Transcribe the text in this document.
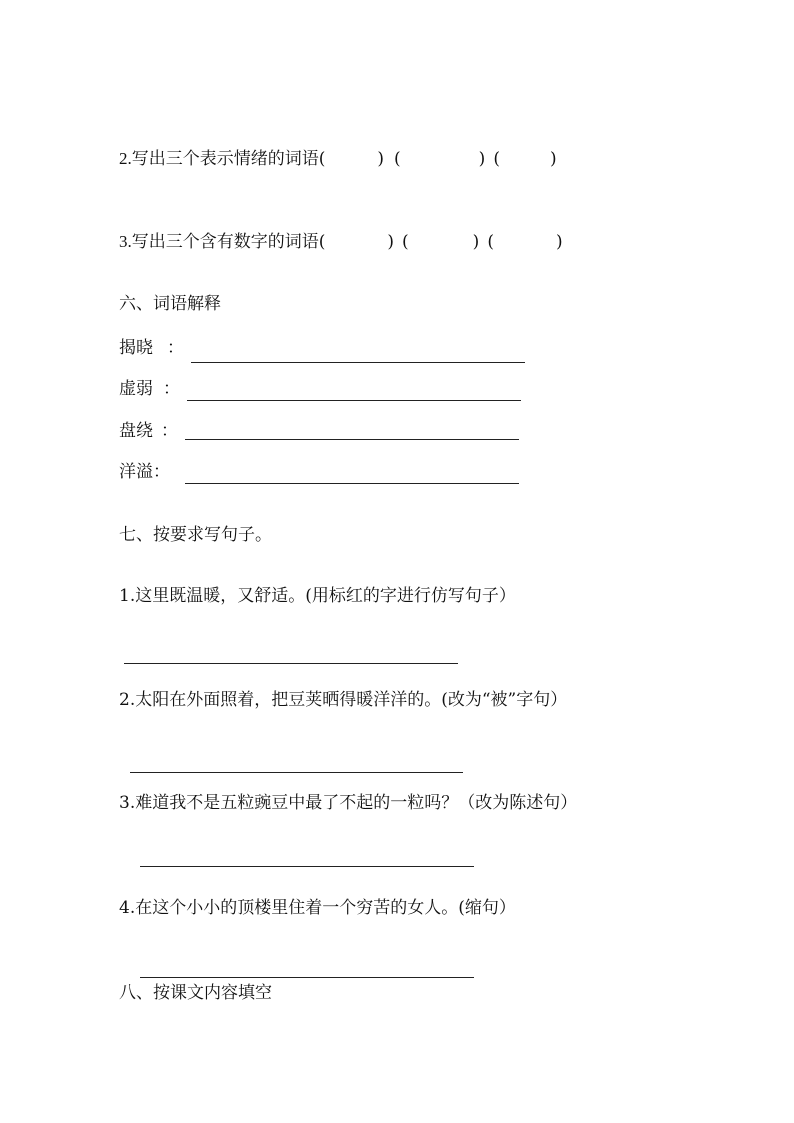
2.写出三个表示情绪的词语(	) (	) (	)
3.写出三个含有数字的词语(	) (	) (	)
六、词语解释
揭晓 ：
虚弱 ：
盘绕 ：
洋溢：
七、按要求写句子。
1.这里既温暖，又舒适。(用标红的字进行仿写句子）
2.太阳在外面照着，把豆荚晒得暖洋洋的。(改为“被”字句）
3.难道我不是五粒豌豆中最了不起的一粒吗？（改为陈述句）
4.在这个小小的顶楼里住着一个穷苦的女人。(缩句）
八、按课文内容填空
